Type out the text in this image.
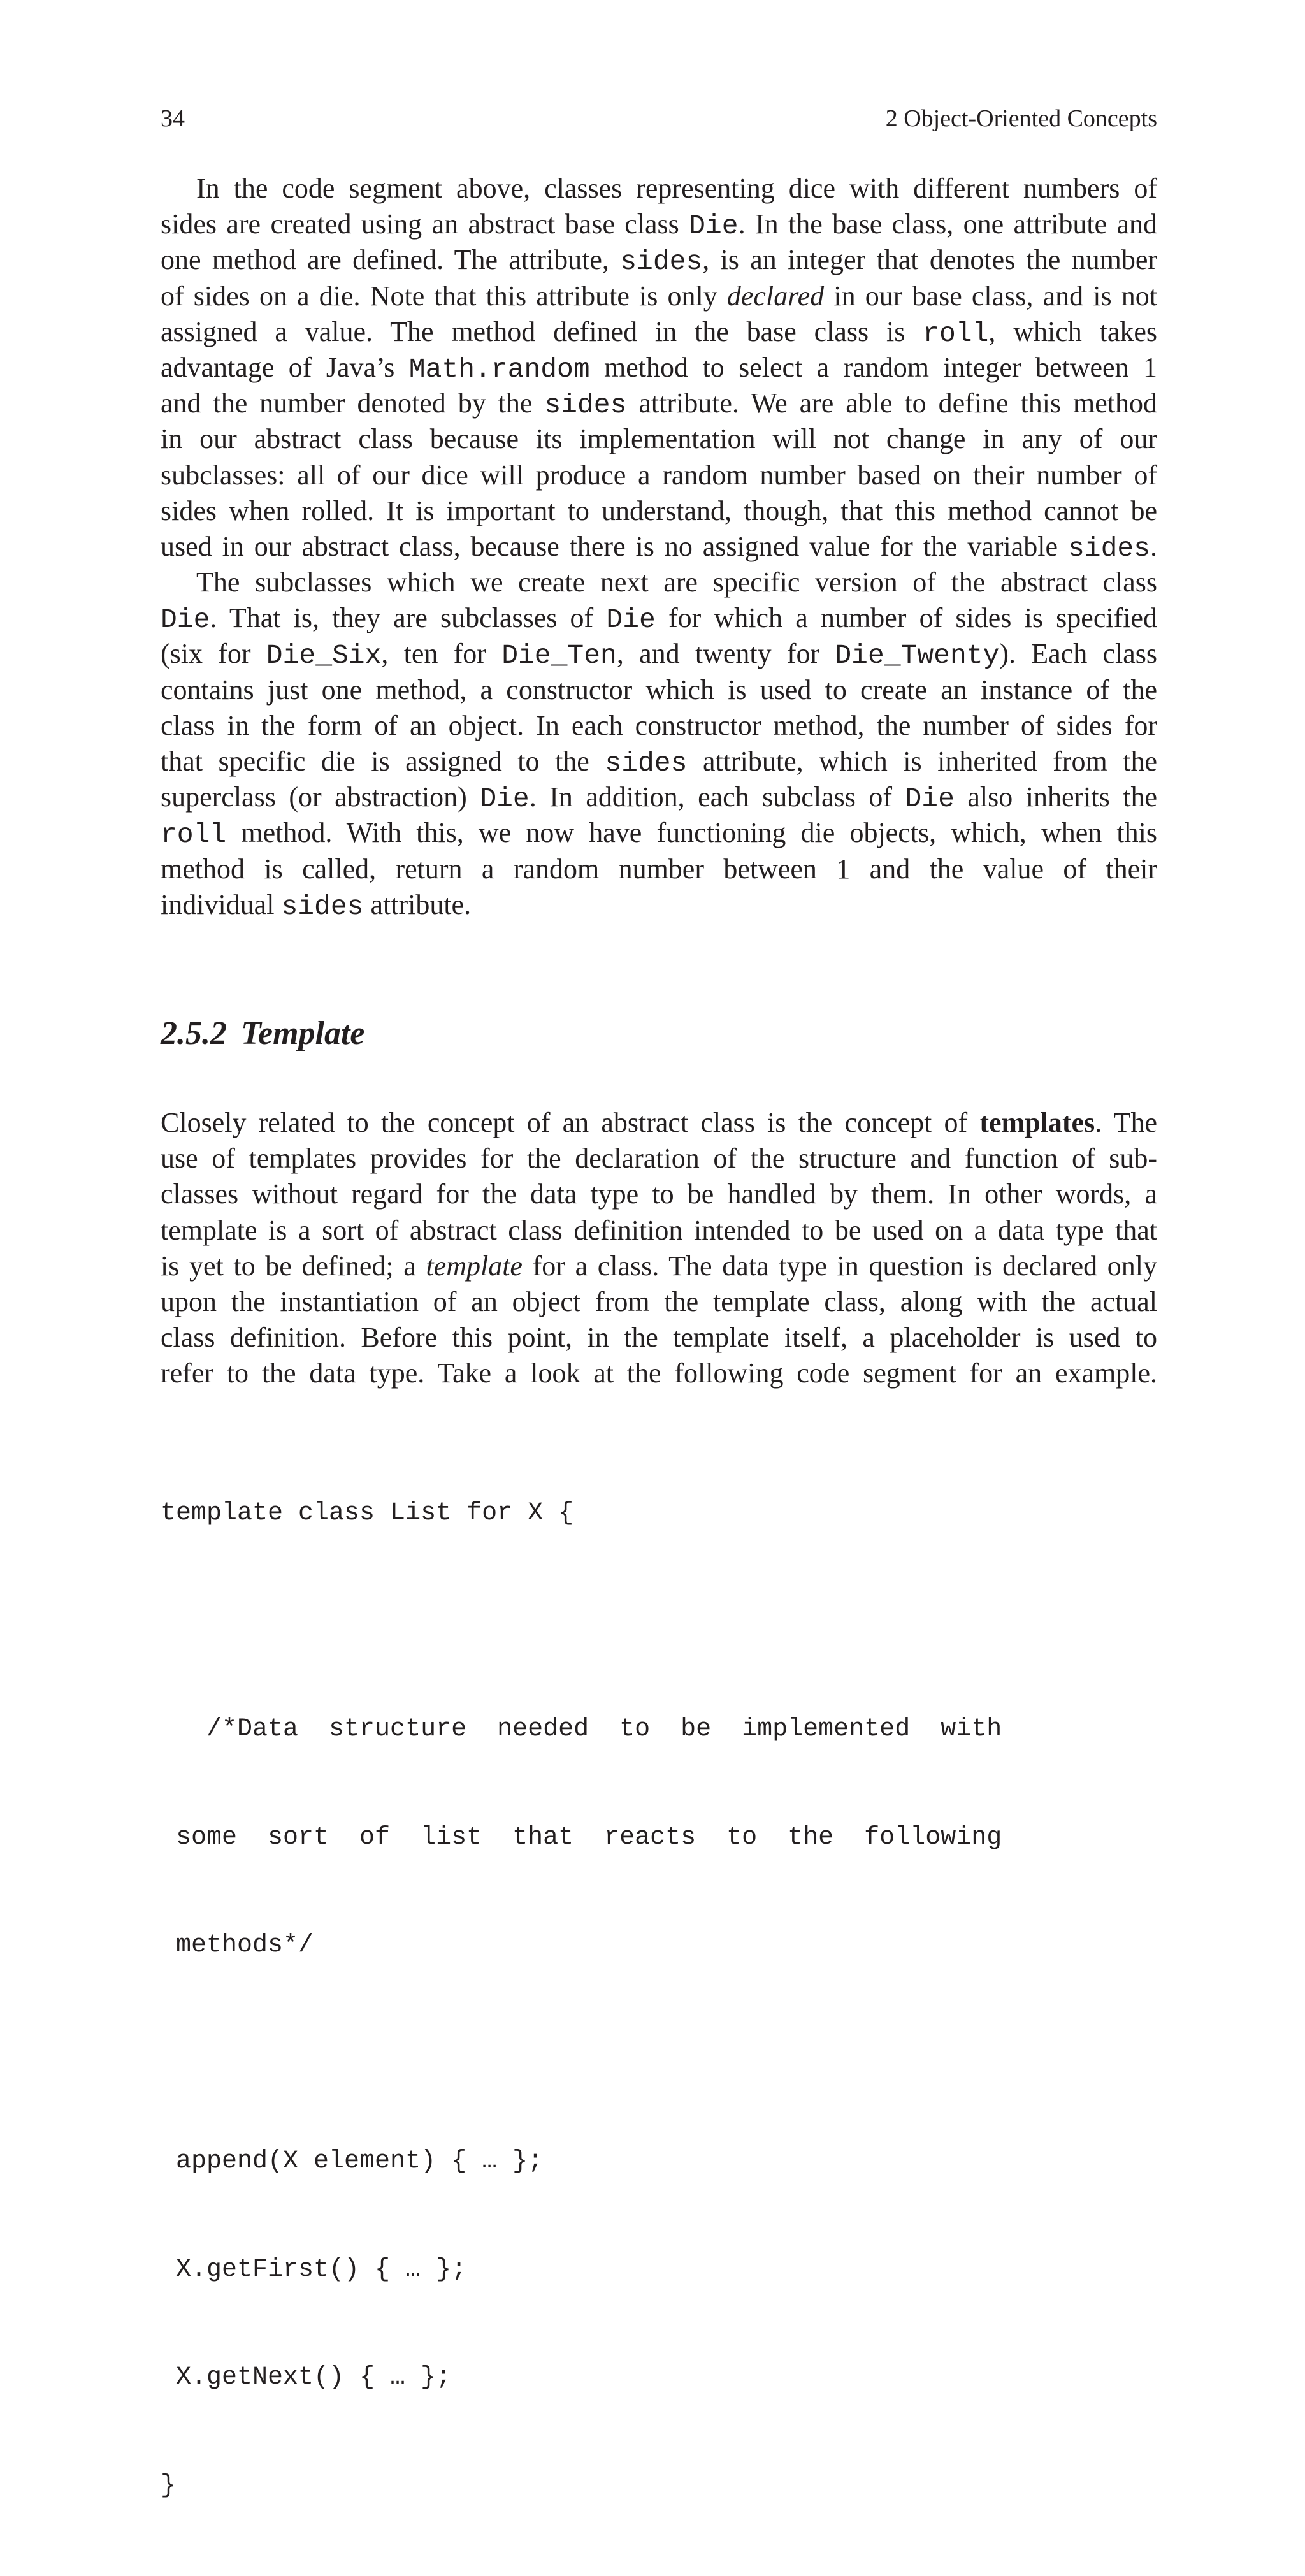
34	2 Object-Oriented Concepts
In the code segment above, classes representing dice with different numbers of
sides are created using an abstract base class Die. In the base class, one attribute and
one method are defined. The attribute, sides, is an integer that denotes the number
of sides on a die. Note that this attribute is only declared in our base class, and is not
assigned a value. The method defined in the base class is roll, which takes
advantage of Java’s Math.random method to select a random integer between 1
and the number denoted by the sides attribute. We are able to define this method
in our abstract class because its implementation will not change in any of our
subclasses: all of our dice will produce a random number based on their number of
sides when rolled. It is important to understand, though, that this method cannot be
used in our abstract class, because there is no assigned value for the variable sides.
The subclasses which we create next are specific version of the abstract class
Die. That is, they are subclasses of Die for which a number of sides is specified
(six for Die_Six, ten for Die_Ten, and twenty for Die_Twenty). Each class
contains just one method, a constructor which is used to create an instance of the
class in the form of an object. In each constructor method, the number of sides for
that specific die is assigned to the sides attribute, which is inherited from the
superclass (or abstraction) Die. In addition, each subclass of Die also inherits the
roll method. With this, we now have functioning die objects, which, when this
method is called, return a random number between 1 and the value of their
individual sides attribute.
2.5.2 Template
Closely related to the concept of an abstract class is the concept of templates. The
use of templates provides for the declaration of the structure and function of sub-
classes without regard for the data type to be handled by them. In other words, a
template is a sort of abstract class definition intended to be used on a data type that
is yet to be defined; a template for a class. The data type in question is declared only
upon the instantiation of an object from the template class, along with the actual
class definition. Before this point, in the template itself, a placeholder is used to
refer to the data type. Take a look at the following code segment for an example.

template class List for X {

/*Data  structure  needed  to  be  implemented  with

some  sort  of  list  that  reacts  to  the  following

methods*/

append(X element) { … };

X.getFirst() { … };

X.getNext() { … };

}
